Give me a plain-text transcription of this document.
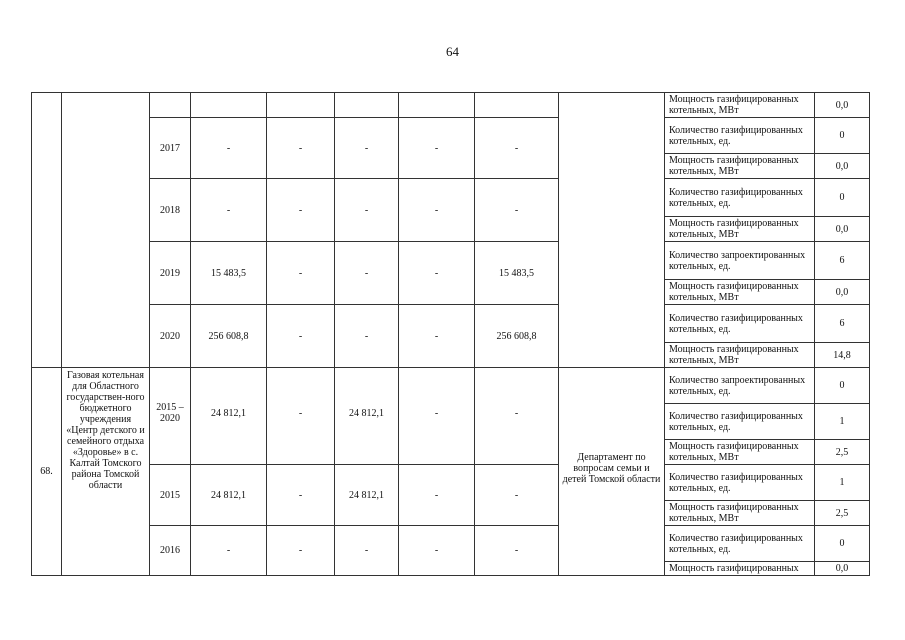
64
									Мощность газифицированных котельных, МВт	0,0
		2017	-	-	-	-	-		Количество газифицированных котельных, ед.	0
									Мощность газифицированных котельных, МВт	0,0
		2018	-	-	-	-	-		Количество газифицированных котельных, ед.	0
									Мощность газифицированных котельных, МВт	0,0
		2019	15 483,5	-	-	-	15 483,5		Количество запроектированных котельных, ед.	6
									Мощность газифицированных котельных, МВт	0,0
		2020	256 608,8	-	-	-	256 608,8		Количество газифицированных котельных, ед.	6
									Мощность газифицированных котельных, МВт	14,8
68.	Газовая котельная для Областного государствен-ного бюджетного учреждения «Центр детского и семейного отдыха «Здоровье» в с. Калтай Томского района Томской области	2015 – 2020	24 812,1	-	24 812,1	-	-	Департамент по вопросам семьи и детей Томской области	Количество запроектированных котельных, ед.	0
									Количество газифицированных котельных, ед.	1
									Мощность газифицированных котельных, МВт	2,5
		2015	24 812,1	-	24 812,1	-	-		Количество газифицированных котельных, ед.	1
									Мощность газифицированных котельных, МВт	2,5
		2016	-	-	-	-	-		Количество газифицированных котельных, ед.	0
									Мощность газифицированных	0,0
